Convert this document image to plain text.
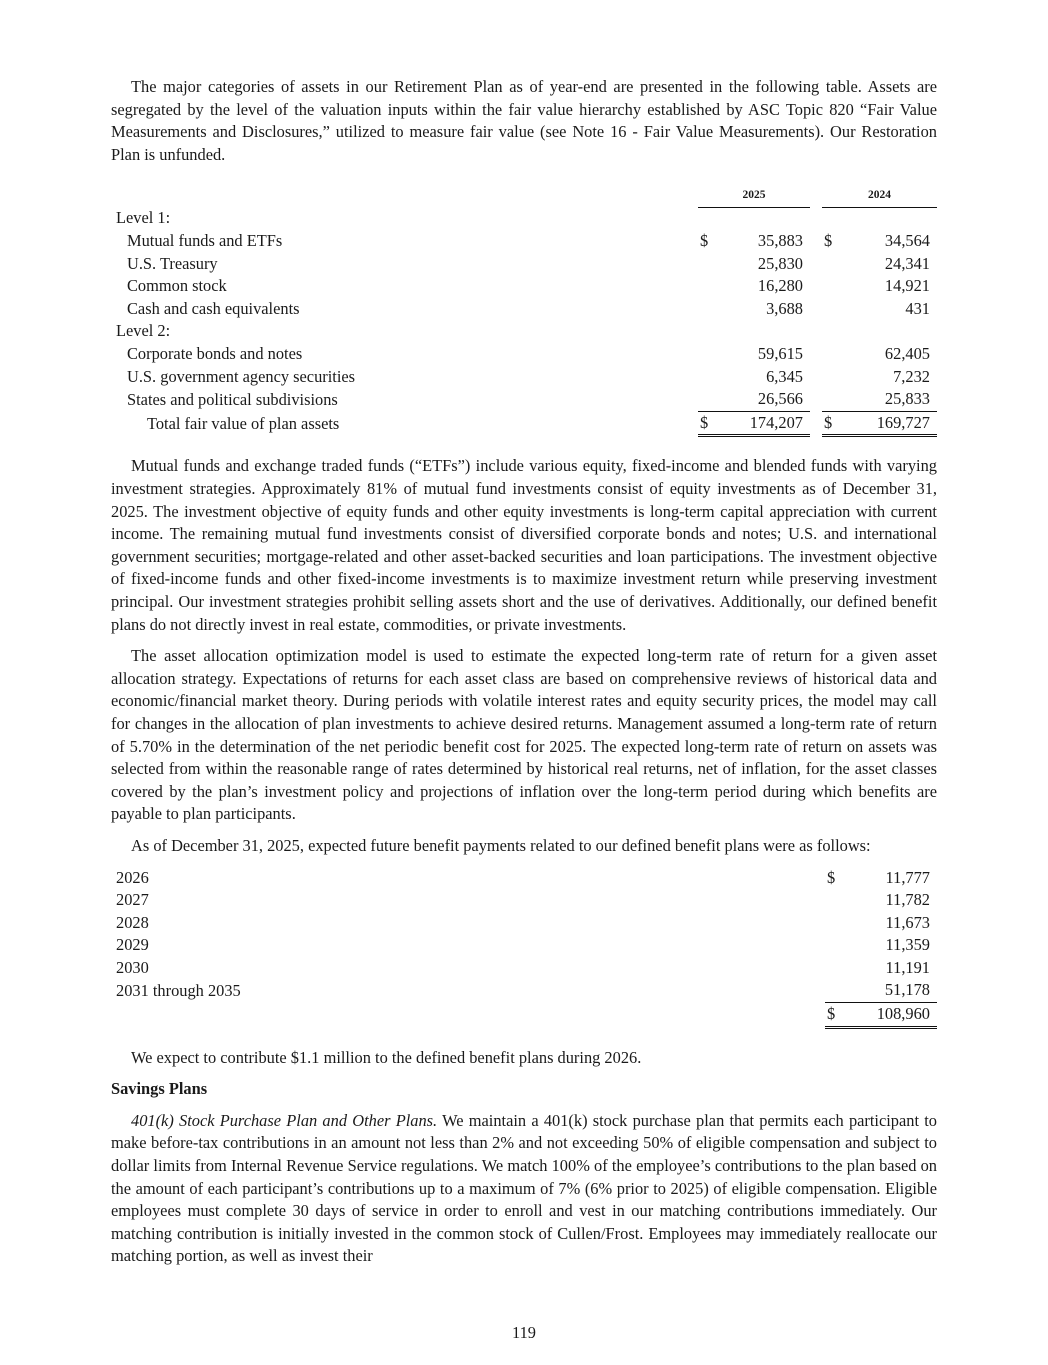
The major categories of assets in our Retirement Plan as of year-end are presented in the following table. Assets are segregated by the level of the valuation inputs within the fair value hierarchy established by ASC Topic 820 “Fair Value Measurements and Disclosures,” utilized to measure fair value (see Note 16 - Fair Value Measurements). Our Restoration Plan is unfunded.

	2025			2024	
Level 1:					
Mutual funds and ETFs	$	35,883		$	34,564
U.S. Treasury		25,830			24,341
Common stock		16,280			14,921
Cash and cash equivalents		3,688			431
Level 2:					
Corporate bonds and notes		59,615			62,405
U.S. government agency securities		6,345			7,232
States and political subdivisions		26,566			25,833
Total fair value of plan assets	$	174,207		$	169,727

Mutual funds and exchange traded funds (“ETFs”) include various equity, fixed-income and blended funds with varying investment strategies. Approximately 81% of mutual fund investments consist of equity investments as of December 31, 2025. The investment objective of equity funds and other equity investments is long-term capital appreciation with current income. The remaining mutual fund investments consist of diversified corporate bonds and notes; U.S. and international government securities; mortgage-related and other asset-backed securities and loan participations. The investment objective of fixed-income funds and other fixed-income investments is to maximize investment return while preserving investment principal. Our investment strategies prohibit selling assets short and the use of derivatives. Additionally, our defined benefit plans do not directly invest in real estate, commodities, or private investments.

The asset allocation optimization model is used to estimate the expected long-term rate of return for a given asset allocation strategy. Expectations of returns for each asset class are based on comprehensive reviews of historical data and economic/financial market theory. During periods with volatile interest rates and equity security prices, the model may call for changes in the allocation of plan investments to achieve desired returns. Management assumed a long-term rate of return of 5.70% in the determination of the net periodic benefit cost for 2025. The expected long-term rate of return on assets was selected from within the reasonable range of rates determined by historical real returns, net of inflation, for the asset classes covered by the plan’s investment policy and projections of inflation over the long-term period during which benefits are payable to plan participants.

As of December 31, 2025, expected future benefit payments related to our defined benefit plans were as follows:

2026	$	11,777
2027		11,782
2028		11,673
2029		11,359
2030		11,191
2031 through 2035		51,178
	$	108,960

We expect to contribute $1.1 million to the defined benefit plans during 2026.

Savings Plans

401(k) Stock Purchase Plan and Other Plans. We maintain a 401(k) stock purchase plan that permits each participant to make before-tax contributions in an amount not less than 2% and not exceeding 50% of eligible compensation and subject to dollar limits from Internal Revenue Service regulations. We match 100% of the employee’s contributions to the plan based on the amount of each participant’s contributions up to a maximum of 7% (6% prior to 2025) of eligible compensation. Eligible employees must complete 30 days of service in order to enroll and vest in our matching contributions immediately. Our matching contribution is initially invested in the common stock of Cullen/Frost. Employees may immediately reallocate our matching portion, as well as invest their

119
